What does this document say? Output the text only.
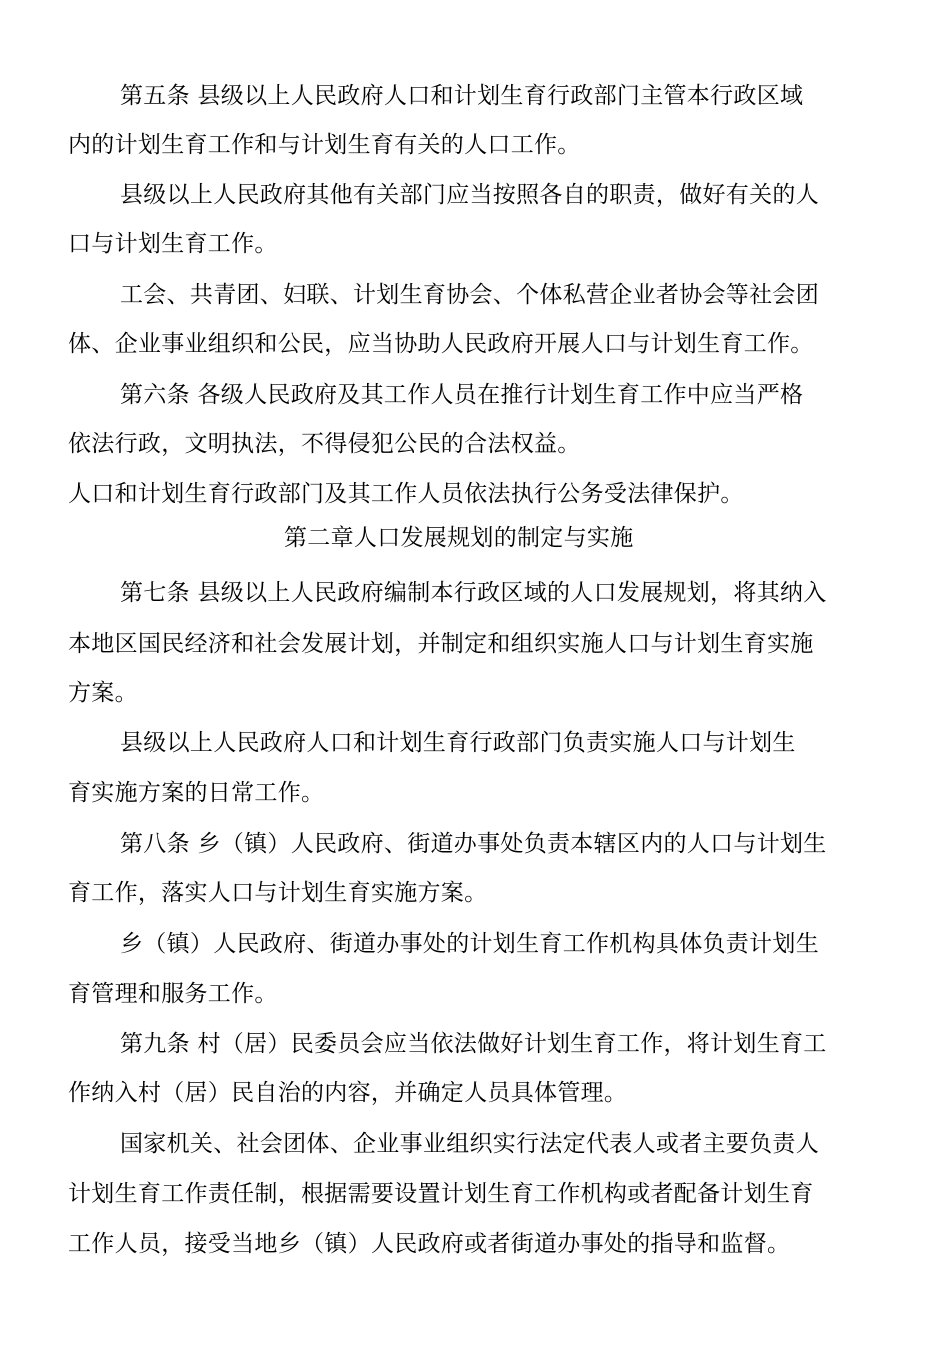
第五条 县级以上人民政府人口和计划生育行政部门主管本行政区域

内的计划生育工作和与计划生育有关的人口工作。

县级以上人民政府其他有关部门应当按照各自的职责，做好有关的人

口与计划生育工作。

工会、共青团、妇联、计划生育协会、个体私营企业者协会等社会团

体、企业事业组织和公民，应当协助人民政府开展人口与计划生育工作。

第六条 各级人民政府及其工作人员在推行计划生育工作中应当严格

依法行政，文明执法，不得侵犯公民的合法权益。

人口和计划生育行政部门及其工作人员依法执行公务受法律保护。

第二章人口发展规划的制定与实施

第七条 县级以上人民政府编制本行政区域的人口发展规划，将其纳入

本地区国民经济和社会发展计划，并制定和组织实施人口与计划生育实施

方案。

县级以上人民政府人口和计划生育行政部门负责实施人口与计划生

育实施方案的日常工作。

第八条 乡（镇）人民政府、街道办事处负责本辖区内的人口与计划生

育工作，落实人口与计划生育实施方案。

乡（镇）人民政府、街道办事处的计划生育工作机构具体负责计划生

育管理和服务工作。

第九条 村（居）民委员会应当依法做好计划生育工作，将计划生育工

作纳入村（居）民自治的内容，并确定人员具体管理。

国家机关、社会团体、企业事业组织实行法定代表人或者主要负责人

计划生育工作责任制，根据需要设置计划生育工作机构或者配备计划生育

工作人员，接受当地乡（镇）人民政府或者街道办事处的指导和监督。
